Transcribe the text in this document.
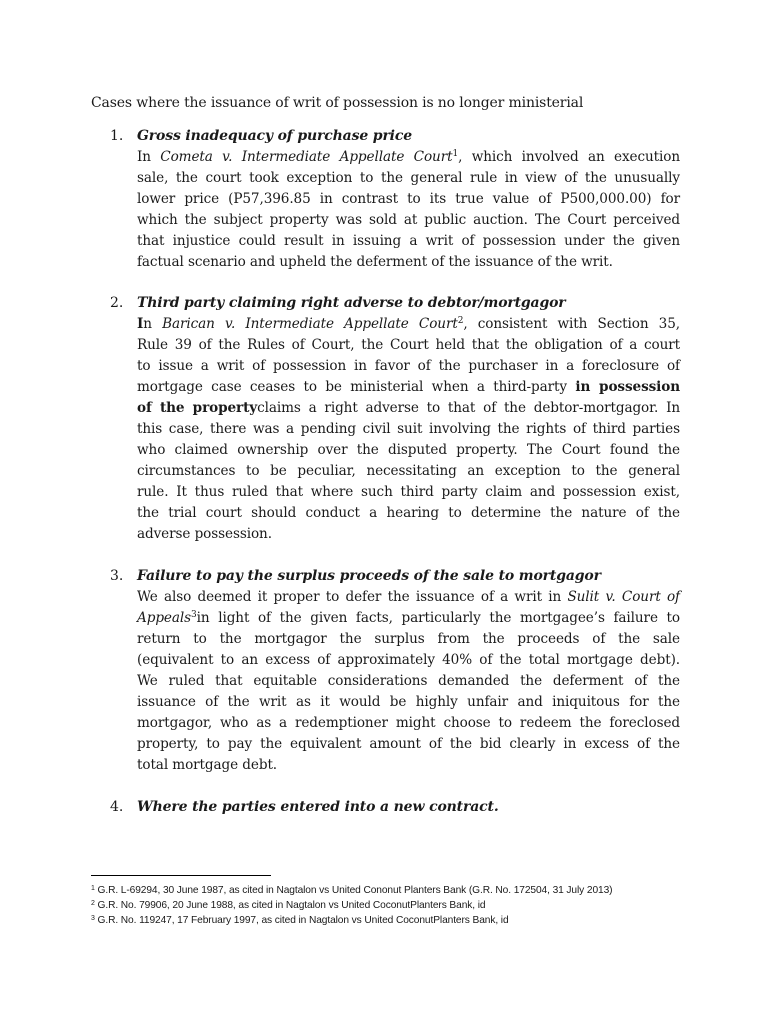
Cases where the issuance of writ of possession is no longer ministerial
1. Gross inadequacy of purchase price
In Cometa v. Intermediate Appellate Court$^1$, which involved an execution
sale, the court took exception to the general rule in view of the unusually
lower price (P57,396.85 in contrast to its true value of P500,000.00) for
which the subject property was sold at public auction. The Court perceived
that injustice could result in issuing a writ of possession under the given
factual scenario and upheld the deferment of the issuance of the writ.
2. Third party claiming right adverse to debtor/mortgagor
In Barican v. Intermediate Appellate Court$^2$, consistent with Section 35,
Rule 39 of the Rules of Court, the Court held that the obligation of a court
to issue a writ of possession in favor of the purchaser in a foreclosure of
mortgage case ceases to be ministerial when a third-party in possession
of the propertyclaims a right adverse to that of the debtor-mortgagor. In
this case, there was a pending civil suit involving the rights of third parties
who claimed ownership over the disputed property. The Court found the
circumstances to be peculiar, necessitating an exception to the general
rule. It thus ruled that where such third party claim and possession exist,
the trial court should conduct a hearing to determine the nature of the
adverse possession.
3. Failure to pay the surplus proceeds of the sale to mortgagor
We also deemed it proper to defer the issuance of a writ in Sulit v. Court of
Appeals$^3$in light of the given facts, particularly the mortgagee’s failure to
return to the mortgagor the surplus from the proceeds of the sale
(equivalent to an excess of approximately 40% of the total mortgage debt).
We ruled that equitable considerations demanded the deferment of the
issuance of the writ as it would be highly unfair and iniquitous for the
mortgagor, who as a redemptioner might choose to redeem the foreclosed
property, to pay the equivalent amount of the bid clearly in excess of the
total mortgage debt.
4. Where the parties entered into a new contract.
$^1$ G.R. L-69294, 30 June 1987, as cited in Nagtalon vs United Cononut Planters Bank (G.R. No. 172504, 31 July 2013)
$^2$ G.R. No. 79906, 20 June 1988, as cited in Nagtalon vs United CoconutPlanters Bank, id
$^3$ G.R. No. 119247, 17 February 1997, as cited in Nagtalon vs United CoconutPlanters Bank, id
